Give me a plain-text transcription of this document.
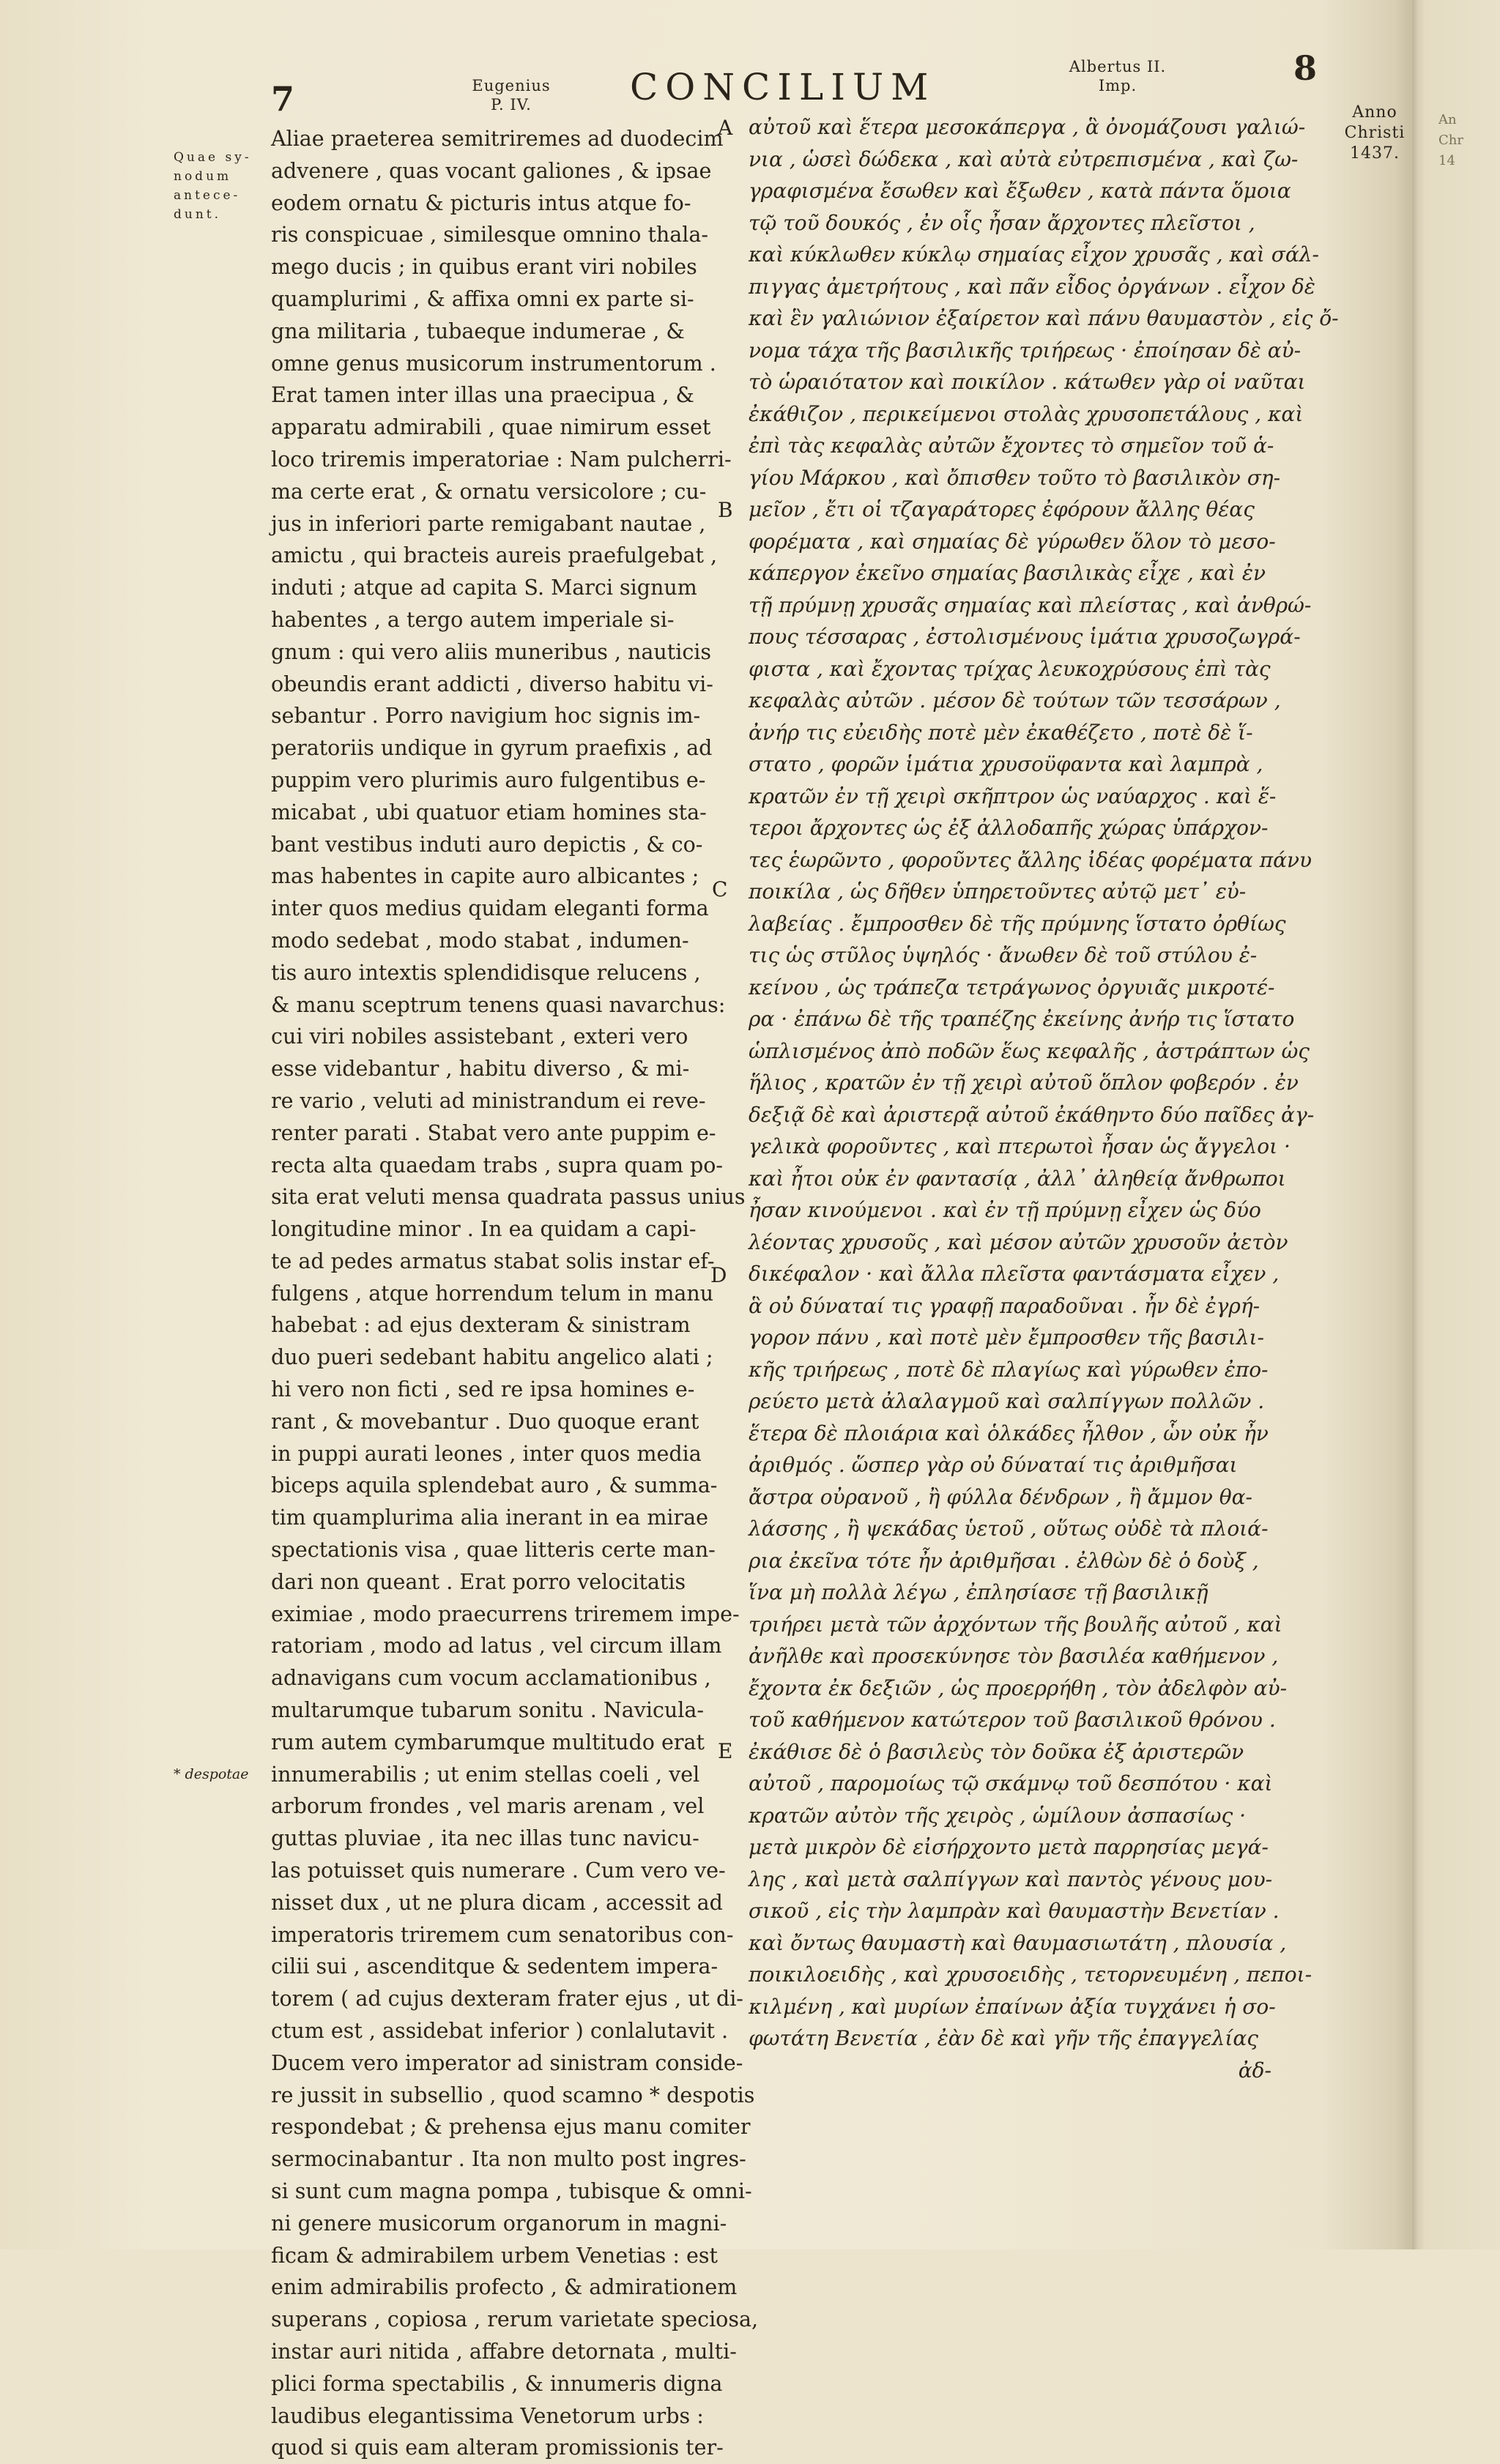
7	Eugenius
P. IV.	CONCILIUM	Albertus II.
Imp.	8
Anno
Christi
1437.
An
Chr
14
Quae sy-
nodum
antece-
dunt.
* despotae
A
B
C
D
E
Aliae praeterea semitriremes ad duodecim
advenere , quas vocant galiones , & ipsae
eodem ornatu & picturis intus atque fo-
ris conspicuae , similesque omnino thala-
mego ducis ; in quibus erant viri nobiles
quamplurimi , & affixa omni ex parte si-
gna militaria , tubaeque indumerae , &
omne genus musicorum instrumentorum .
Erat tamen inter illas una praecipua , &
apparatu admirabili , quae nimirum esset
loco triremis imperatoriae : Nam pulcherri-
ma certe erat , & ornatu versicolore ; cu-
jus in inferiori parte remigabant nautae ,
amictu , qui bracteis aureis praefulgebat ,
induti ; atque ad capita S. Marci signum
habentes , a tergo autem imperiale si-
gnum : qui vero aliis muneribus , nauticis
obeundis erant addicti , diverso habitu vi-
sebantur . Porro navigium hoc signis im-
peratoriis undique in gyrum praefixis , ad
puppim vero plurimis auro fulgentibus e-
micabat , ubi quatuor etiam homines sta-
bant vestibus induti auro depictis , & co-
mas habentes in capite auro albicantes ;
inter quos medius quidam eleganti forma
modo sedebat , modo stabat , indumen-
tis auro intextis splendidisque relucens ,
& manu sceptrum tenens quasi navarchus:
cui viri nobiles assistebant , exteri vero
esse videbantur , habitu diverso , & mi-
re vario , veluti ad ministrandum ei reve-
renter parati . Stabat vero ante puppim e-
recta alta quaedam trabs , supra quam po-
sita erat veluti mensa quadrata passus unius
longitudine minor . In ea quidam a capi-
te ad pedes armatus stabat solis instar ef-
fulgens , atque horrendum telum in manu
habebat : ad ejus dexteram & sinistram
duo pueri sedebant habitu angelico alati ;
hi vero non ficti , sed re ipsa homines e-
rant , & movebantur . Duo quoque erant
in puppi aurati leones , inter quos media
biceps aquila splendebat auro , & summa-
tim quamplurima alia inerant in ea mirae
spectationis visa , quae litteris certe man-
dari non queant . Erat porro velocitatis
eximiae , modo praecurrens triremem impe-
ratoriam , modo ad latus , vel circum illam
adnavigans cum vocum acclamationibus ,
multarumque tubarum sonitu . Navicula-
rum autem cymbarumque multitudo erat
innumerabilis ; ut enim stellas coeli , vel
arborum frondes , vel maris arenam , vel
guttas pluviae , ita nec illas tunc navicu-
las potuisset quis numerare . Cum vero ve-
nisset dux , ut ne plura dicam , accessit ad
imperatoris triremem cum senatoribus con-
cilii sui , ascenditque & sedentem impera-
torem ( ad cujus dexteram frater ejus , ut di-
ctum est , assidebat inferior ) conlalutavit .
Ducem vero imperator ad sinistram conside-
re jussit in subsellio , quod scamno * despotis
respondebat ; & prehensa ejus manu comiter
sermocinabantur . Ita non multo post ingres-
si sunt cum magna pompa , tubisque & omni-
ni genere musicorum organorum in magni-
ficam & admirabilem urbem Venetias : est
enim admirabilis profecto , & admirationem
superans , copiosa , rerum varietate speciosa,
instar auri nitida , affabre detornata , multi-
plici forma spectabilis , & innumeris digna
laudibus elegantissima Venetorum urbs :
quod si quis eam alteram promissionis ter-
αὐτοῦ καὶ ἕτερα μεσοκάπεργα , ἃ ὀνομάζουσι γαλιώ-
νια , ὡσεὶ δώδεκα , καὶ αὐτὰ εὐτρεπισμένα , καὶ ζω-
γραφισμένα ἔσωθεν καὶ ἔξωθεν , κατὰ πάντα ὅμοια
τῷ τοῦ δουκός , ἐν οἷς ἦσαν ἄρχοντες πλεῖστοι ,
καὶ κύκλωθεν κύκλῳ σημαίας εἶχον χρυσᾶς , καὶ σάλ-
πιγγας ἀμετρήτους , καὶ πᾶν εἶδος ὀργάνων . εἶχον δὲ
καὶ ἓν γαλιώνιον ἐξαίρετον καὶ πάνυ θαυμαστὸν , εἰς ὄ-
νομα τάχα τῆς βασιλικῆς τριήρεως · ἐποίησαν δὲ αὐ-
τὸ ὡραιότατον καὶ ποικίλον . κάτωθεν γὰρ οἱ ναῦται
ἐκάθιζον , περικείμενοι στολὰς χρυσοπετάλους , καὶ
ἐπὶ τὰς κεφαλὰς αὐτῶν ἔχοντες τὸ σημεῖον τοῦ ἁ-
γίου Μάρκου , καὶ ὄπισθεν τοῦτο τὸ βασιλικὸν ση-
μεῖον , ἔτι οἱ τζαγαράτορες ἐφόρουν ἄλλης θέας
φορέματα , καὶ σημαίας δὲ γύρωθεν ὅλον τὸ μεσο-
κάπεργον ἐκεῖνο σημαίας βασιλικὰς εἶχε , καὶ ἐν
τῇ πρύμνῃ χρυσᾶς σημαίας καὶ πλείστας , καὶ ἀνθρώ-
πους τέσσαρας , ἐστολισμένους ἱμάτια χρυσοζωγρά-
φιστα , καὶ ἔχοντας τρίχας λευκοχρύσους ἐπὶ τὰς
κεφαλὰς αὐτῶν . μέσον δὲ τούτων τῶν τεσσάρων ,
ἀνήρ τις εὐειδὴς ποτὲ μὲν ἐκαθέζετο , ποτὲ δὲ ἵ-
στατο , φορῶν ἱμάτια χρυσοϋφαντα καὶ λαμπρὰ ,
κρατῶν ἐν τῇ χειρὶ σκῆπτρον ὡς ναύαρχος . καὶ ἕ-
τεροι ἄρχοντες ὡς ἐξ ἀλλοδαπῆς χώρας ὑπάρχον-
τες ἑωρῶντο , φοροῦντες ἄλλης ἰδέας φορέματα πάνυ
ποικίλα , ὡς δῆθεν ὑπηρετοῦντες αὐτῷ μετ᾽ εὐ-
λαβείας . ἔμπροσθεν δὲ τῆς πρύμνης ἵστατο ὀρθίως
τις ὡς στῦλος ὑψηλός · ἄνωθεν δὲ τοῦ στύλου ἐ-
κείνου , ὡς τράπεζα τετράγωνος ὀργυιᾶς μικροτέ-
ρα · ἐπάνω δὲ τῆς τραπέζης ἐκείνης ἀνήρ τις ἵστατο
ὡπλισμένος ἀπὸ ποδῶν ἕως κεφαλῆς , ἀστράπτων ὡς
ἥλιος , κρατῶν ἐν τῇ χειρὶ αὐτοῦ ὅπλον φοβερόν . ἐν
δεξιᾷ δὲ καὶ ἀριστερᾷ αὐτοῦ ἐκάθηντο δύο παῖδες ἀγ-
γελικὰ φοροῦντες , καὶ πτερωτοὶ ἦσαν ὡς ἄγγελοι ·
καὶ ἦτοι οὐκ ἐν φαντασίᾳ , ἀλλ᾽ ἀληθείᾳ ἄνθρωποι
ἦσαν κινούμενοι . καὶ ἐν τῇ πρύμνῃ εἶχεν ὡς δύο
λέοντας χρυσοῦς , καὶ μέσον αὐτῶν χρυσοῦν ἀετὸν
δικέφαλον · καὶ ἄλλα πλεῖστα φαντάσματα εἶχεν ,
ἃ οὐ δύναταί τις γραφῇ παραδοῦναι . ἦν δὲ ἐγρή-
γορον πάνυ , καὶ ποτὲ μὲν ἔμπροσθεν τῆς βασιλι-
κῆς τριήρεως , ποτὲ δὲ πλαγίως καὶ γύρωθεν ἐπο-
ρεύετο μετὰ ἀλαλαγμοῦ καὶ σαλπίγγων πολλῶν .
ἕτερα δὲ πλοιάρια καὶ ὁλκάδες ἦλθον , ὧν οὐκ ἦν
ἀριθμός . ὥσπερ γὰρ οὐ δύναταί τις ἀριθμῆσαι
ἄστρα οὐρανοῦ , ἢ φύλλα δένδρων , ἢ ἄμμον θα-
λάσσης , ἢ ψεκάδας ὑετοῦ , οὕτως οὐδὲ τὰ πλοιά-
ρια ἐκεῖνα τότε ἦν ἀριθμῆσαι . ἐλθὼν δὲ ὁ δοὺξ ,
ἵνα μὴ πολλὰ λέγω , ἐπλησίασε τῇ βασιλικῇ
τριήρει μετὰ τῶν ἀρχόντων τῆς βουλῆς αὐτοῦ , καὶ
ἀνῆλθε καὶ προσεκύνησε τὸν βασιλέα καθήμενον ,
ἔχοντα ἐκ δεξιῶν , ὡς προερρήθη , τὸν ἀδελφὸν αὐ-
τοῦ καθήμενον κατώτερον τοῦ βασιλικοῦ θρόνου .
ἐκάθισε δὲ ὁ βασιλεὺς τὸν δοῦκα ἐξ ἀριστερῶν
αὐτοῦ , παρομοίως τῷ σκάμνῳ τοῦ δεσπότου · καὶ
κρατῶν αὐτὸν τῆς χειρὸς , ὡμίλουν ἀσπασίως ·
μετὰ μικρὸν δὲ εἰσήρχοντο μετὰ παρρησίας μεγά-
λης , καὶ μετὰ σαλπίγγων καὶ παντὸς γένους μου-
σικοῦ , εἰς τὴν λαμπρὰν καὶ θαυμαστὴν Βενετίαν .
καὶ ὄντως θαυμαστὴ καὶ θαυμασιωτάτη , πλουσία ,
ποικιλοειδὴς , καὶ χρυσοειδὴς , τετορνευμένη , πεποι-
κιλμένη , καὶ μυρίων ἐπαίνων ἀξία τυγχάνει ἡ σο-
φωτάτη Βενετία , ἐὰν δὲ καὶ γῆν τῆς ἐπαγγελίας
ἀδ-
